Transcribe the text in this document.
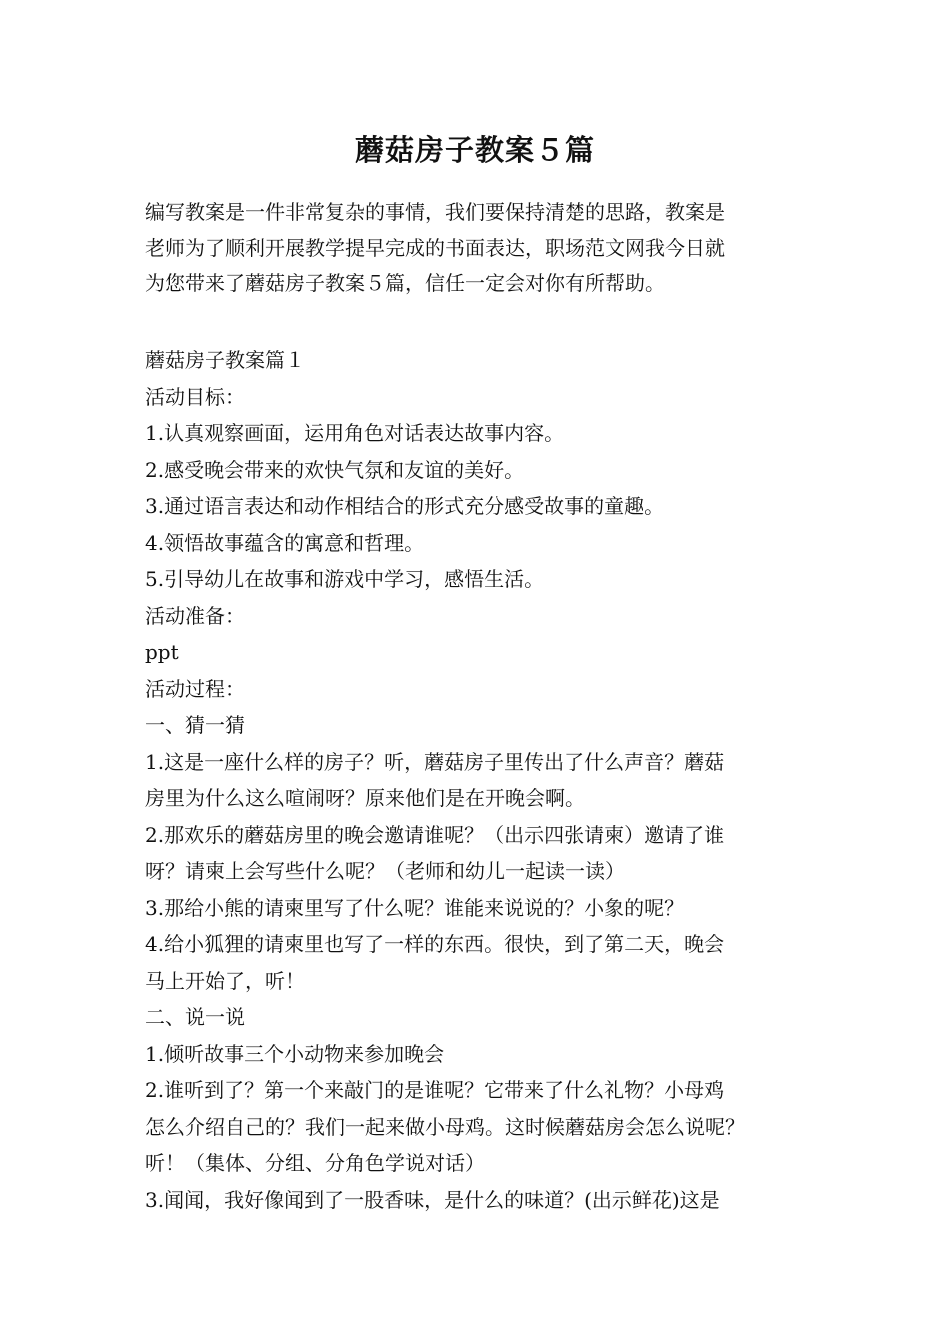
蘑菇房子教案５篇

编写教案是一件非常复杂的事情，我们要保持清楚的思路，教案是

老师为了顺利开展教学提早完成的书面表达，职场范文网我今日就

为您带来了蘑菇房子教案５篇，信任一定会对你有所帮助。

蘑菇房子教案篇１

活动目标：

1.认真观察画面，运用角色对话表达故事内容。

2.感受晚会带来的欢快气氛和友谊的美好。

3.通过语言表达和动作相结合的形式充分感受故事的童趣。

4.领悟故事蕴含的寓意和哲理。

5.引导幼儿在故事和游戏中学习，感悟生活。

活动准备：

ppt

活动过程：

一、猜一猜

1.这是一座什么样的房子？听，蘑菇房子里传出了什么声音？蘑菇

房里为什么这么喧闹呀？原来他们是在开晚会啊。

2.那欢乐的蘑菇房里的晚会邀请谁呢？（出示四张请柬）邀请了谁

呀？请柬上会写些什么呢？（老师和幼儿一起读一读）

3.那给小熊的请柬里写了什么呢？谁能来说说的？小象的呢？

4.给小狐狸的请柬里也写了一样的东西。很快，到了第二天，晚会

马上开始了，听！

二、说一说

1.倾听故事三个小动物来参加晚会

2.谁听到了？第一个来敲门的是谁呢？它带来了什么礼物？小母鸡

怎么介绍自己的？我们一起来做小母鸡。这时候蘑菇房会怎么说呢？

听！（集体、分组、分角色学说对话）

3.闻闻，我好像闻到了一股香味，是什么的味道？(出示鲜花)这是
